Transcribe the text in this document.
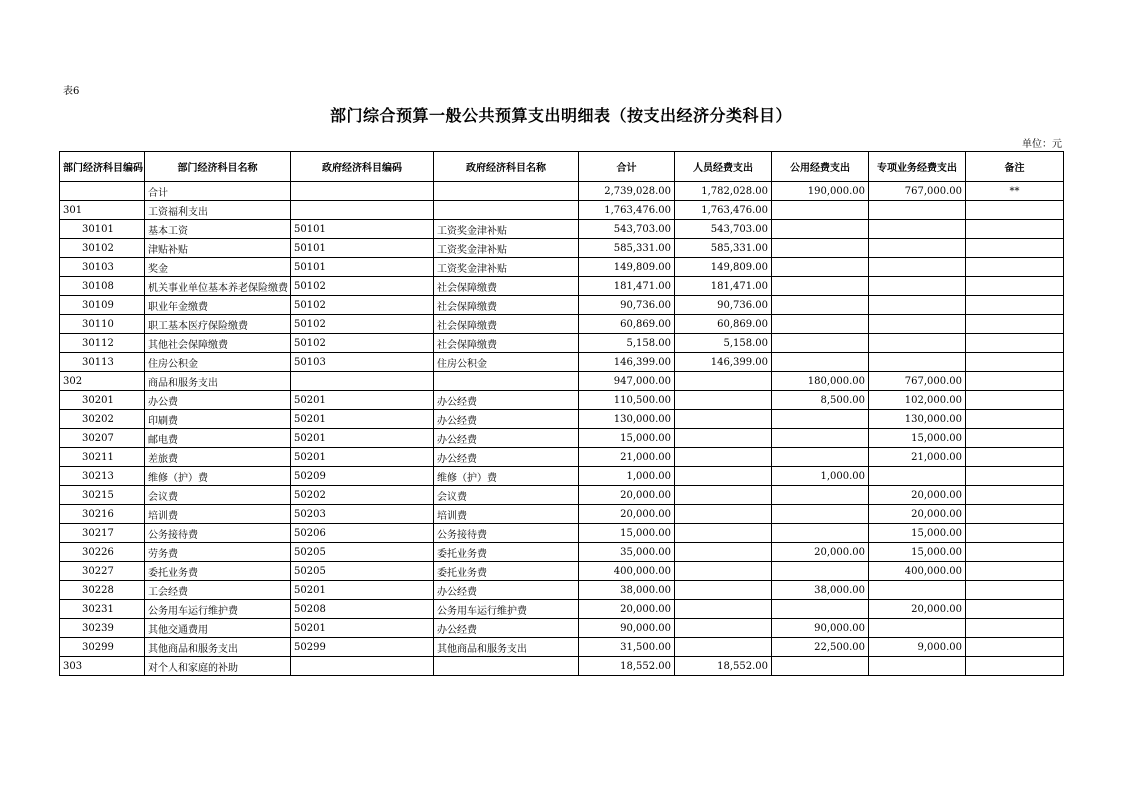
表6
部门综合预算一般公共预算支出明细表（按支出经济分类科目）
单位：元
部门经济科目编码	部门经济科目名称	政府经济科目编码	政府经济科目名称	合计	人员经费支出	公用经费支出	专项业务经费支出	备注
	合计			2,739,028.00	1,782,028.00	190,000.00	767,000.00	**
301	工资福利支出			1,763,476.00	1,763,476.00			
30101	基本工资	50101	工资奖金津补贴	543,703.00	543,703.00			
30102	津贴补贴	50101	工资奖金津补贴	585,331.00	585,331.00			
30103	奖金	50101	工资奖金津补贴	149,809.00	149,809.00			
30108	机关事业单位基本养老保险缴费	50102	社会保障缴费	181,471.00	181,471.00			
30109	职业年金缴费	50102	社会保障缴费	90,736.00	90,736.00			
30110	职工基本医疗保险缴费	50102	社会保障缴费	60,869.00	60,869.00			
30112	其他社会保障缴费	50102	社会保障缴费	5,158.00	5,158.00			
30113	住房公积金	50103	住房公积金	146,399.00	146,399.00			
302	商品和服务支出			947,000.00		180,000.00	767,000.00	
30201	办公费	50201	办公经费	110,500.00		8,500.00	102,000.00	
30202	印刷费	50201	办公经费	130,000.00			130,000.00	
30207	邮电费	50201	办公经费	15,000.00			15,000.00	
30211	差旅费	50201	办公经费	21,000.00			21,000.00	
30213	维修（护）费	50209	维修（护）费	1,000.00		1,000.00		
30215	会议费	50202	会议费	20,000.00			20,000.00	
30216	培训费	50203	培训费	20,000.00			20,000.00	
30217	公务接待费	50206	公务接待费	15,000.00			15,000.00	
30226	劳务费	50205	委托业务费	35,000.00		20,000.00	15,000.00	
30227	委托业务费	50205	委托业务费	400,000.00			400,000.00	
30228	工会经费	50201	办公经费	38,000.00		38,000.00		
30231	公务用车运行维护费	50208	公务用车运行维护费	20,000.00			20,000.00	
30239	其他交通费用	50201	办公经费	90,000.00		90,000.00		
30299	其他商品和服务支出	50299	其他商品和服务支出	31,500.00		22,500.00	9,000.00	
303	对个人和家庭的补助			18,552.00	18,552.00			
